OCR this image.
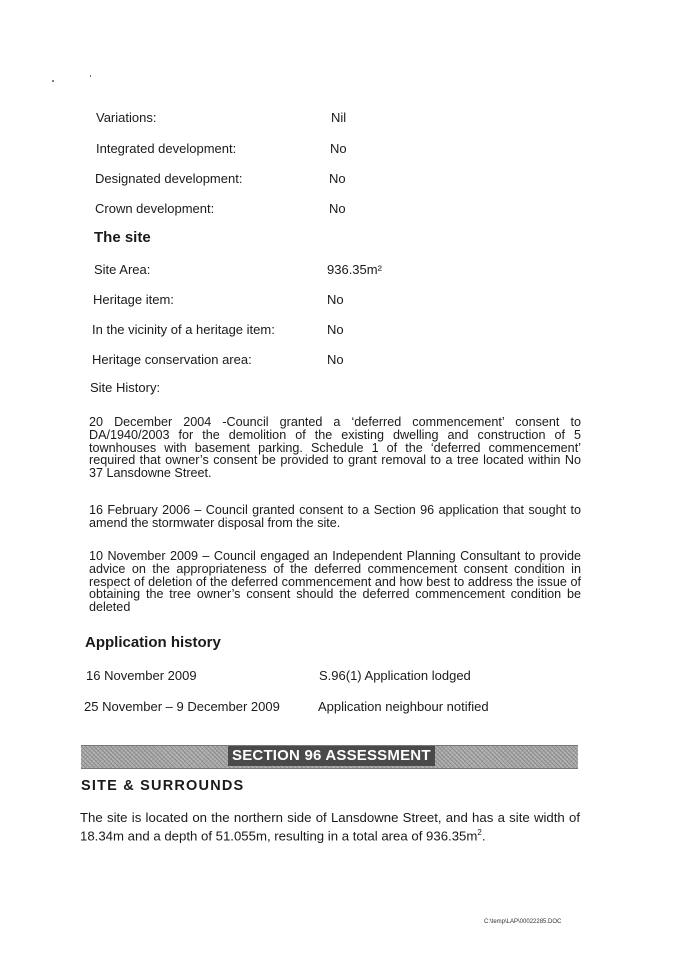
Variations:	Nil
Integrated development:	No
Designated development:	No
Crown development:	No
The site
Site Area:	936.35m²
Heritage item:	No
In the vicinity of a heritage item:	No
Heritage conservation area:	No
Site History:
20 December 2004 -Council granted a ‘deferred commencement’ consent to DA/1940/2003 for the demolition of the existing dwelling and construction of 5 townhouses with basement parking. Schedule 1 of the ‘deferred commencement’ required that owner’s consent be provided to grant removal to a tree located within No 37 Lansdowne Street.
16 February 2006 – Council granted consent to a Section 96 application that sought to amend the stormwater disposal from the site.
10 November 2009 – Council engaged an Independent Planning Consultant to provide advice on the appropriateness of the deferred commencement consent condition in respect of deletion of the deferred commencement and how best to address the issue of obtaining the tree owner’s consent should the deferred commencement condition be deleted
Application history
16 November 2009	S.96(1) Application lodged
25 November – 9 December 2009	Application neighbour notified
SECTION 96 ASSESSMENT
SITE & SURROUNDS
The site is located on the northern side of Lansdowne Street, and has a site width of 18.34m and a depth of 51.055m, resulting in a total area of $936.35m^2$.
C:\temp\LAP\00022285.DOC
